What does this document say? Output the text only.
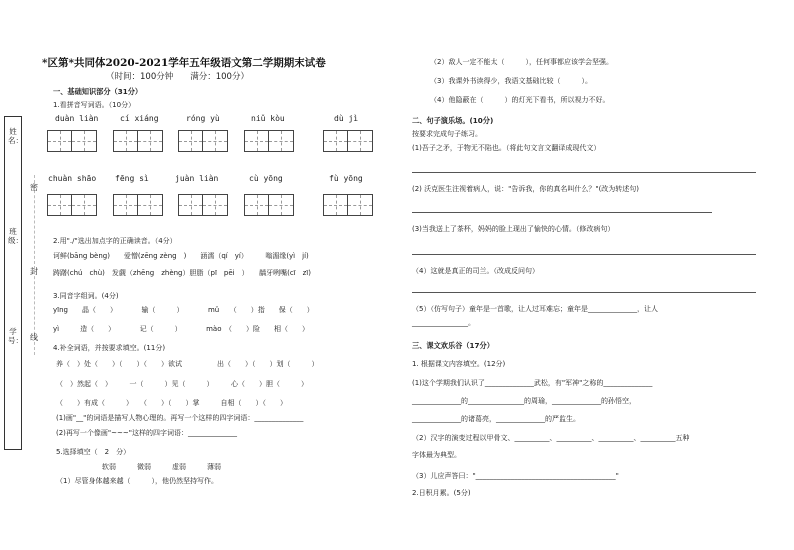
姓名：
班级：
学号：
密
封
线
*区第*共同体2020-2021学年五年级语文第二学期期末试卷
（时间：100分钟　　满分：100分）
一、基础知识部分（31分）
1.看拼音写词语。（10分）
duàn liàn	cí xiáng	róng yù	niǔ kòu	dù jì
chuàn shāo fēng sì	juàn liàn	cù yōng	fù yōng
2.用"./"选出加点字的正确读音。（4分）
诃鲜(bāng bèng)　　爱憎(zēng zèng　)　　涵濡（qí　yí）　　　嗡湄缘(yì　jí)
踌躇(chú　chù)　发觑（zhēng　zhèng）胆脂（pī　pēi　）　　龋牙咧嘴(cī　zī)
3.同音字组词。(4分)
yīng　　晶（　　）　　　　输（　　　）　　　　mǔ　　（　　）指　　保（　　）
yì　　　造（　　）　　　　记（　　　）　　　　mào　（　　）险　　相（　　）
4.补全词语，并按要求填空。(11分)
养（　）处（　　）（　　）（　　）欲试　　　　　出（　　）（　　）划（　　　）
（　）然起（　）　　　一（　　　）见（　　　）　　　心（　　）胆（　　　）
（　　）有成（　　　）　　（　　）（　　）掌　　　自相（　　）（　　）
(1)画"__"的词语是描写人物心理的。再写一个这样的四字词语：______________
(2)再写一个像画"~~~"这样的四字词语：______________
5.选择填空（　2　分）
软弱　　　微弱　　　虚弱　　　薄弱
（1）尽管身体越来越（　　　），他仍然坚持写作。
（2）敌人一定不能太（　　　），任何事都应该学会坚强。
（3）我课外书读得少，我语文基础比较（　　　）。
（4）他隐蔽在（　　　）的灯光下看书，所以视力不好。
二、句子演乐场。(10分)
按要求完成句子练习。
(1)吾子之矛，于物无不陷也。（将此句文言文翻译成现代文）
(2) 沃克医生注视着病人，说："告诉我，你的真名叫什么？"(改为转述句)
(3)当我送上了茶杯，妈妈的脸上现出了愉快的心情。（修改病句）
（4）这就是真正的司兰。（改成反问句）
（5）（仿写句子）童年是一首歌，让人过耳难忘；童年是______________，让人
________________。
三、课文欢乐谷（17分）
1. 根据课文内容填空。(12分)
(1)这个学期我们认识了______________武松，有"军神"之称的______________
______________的________________的周瑜，______________的孙悟空，
______________的诸葛亮，______________的严监生。
（2）汉字的演变过程以甲骨文、__________、__________、__________、__________五种
字体最为典型。
（3）儿应声答曰："________________________________________"
2.日积月累。(5分)
